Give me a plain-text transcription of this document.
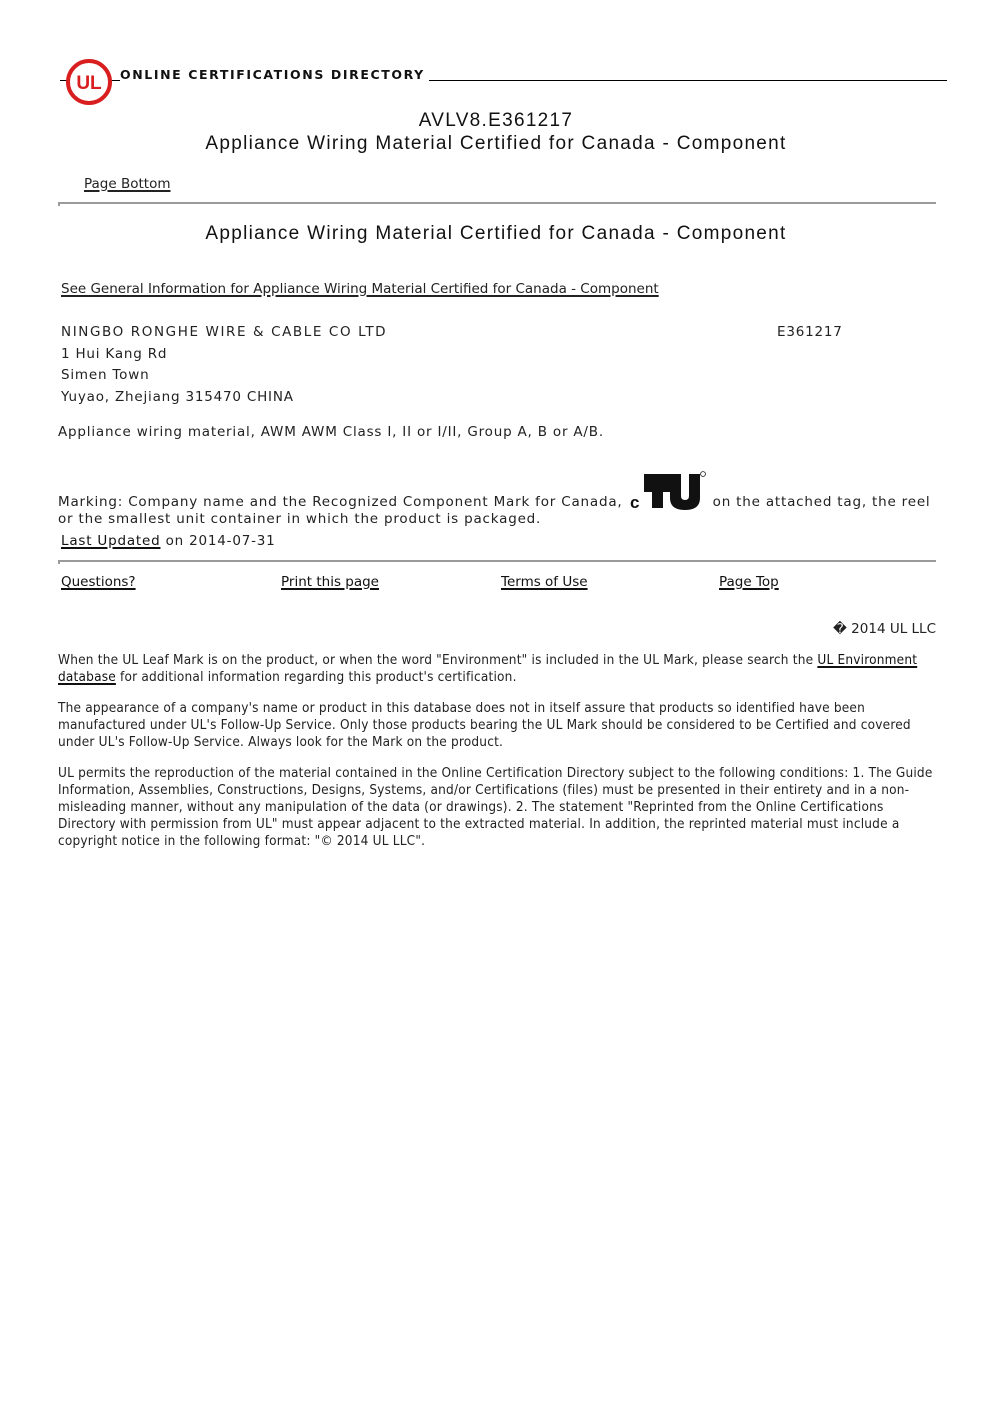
UL ONLINE CERTIFICATIONS DIRECTORY
AVLV8.E361217
Appliance Wiring Material Certified for Canada - Component
Page Bottom
Appliance Wiring Material Certified for Canada - Component
See General Information for Appliance Wiring Material Certified for Canada - Component
NINGBO RONGHE WIRE & CABLE CO LTD
1 Hui Kang Rd
Simen Town
Yuyao, Zhejiang 315470 CHINA
E361217
Appliance wiring material, AWM AWM Class I, II or I/II, Group A, B or A/B.
Marking: Company name and the Recognized Component Mark for Canada, c	on the attached tag, the reel or the smallest unit container in which the product is packaged.
Last Updated on 2014-07-31
Questions?	Print this page	Terms of Use	Page Top
� 2014 UL LLC
When the UL Leaf Mark is on the product, or when the word "Environment" is included in the UL Mark, please search the UL Environment database for additional information regarding this product's certification.
The appearance of a company's name or product in this database does not in itself assure that products so identified have been manufactured under UL's Follow-Up Service. Only those products bearing the UL Mark should be considered to be Certified and covered under UL's Follow-Up Service. Always look for the Mark on the product.
UL permits the reproduction of the material contained in the Online Certification Directory subject to the following conditions: 1. The Guide Information, Assemblies, Constructions, Designs, Systems, and/or Certifications (files) must be presented in their entirety and in a non-misleading manner, without any manipulation of the data (or drawings). 2. The statement "Reprinted from the Online Certifications Directory with permission from UL" must appear adjacent to the extracted material. In addition, the reprinted material must include a copyright notice in the following format: "© 2014 UL LLC".
